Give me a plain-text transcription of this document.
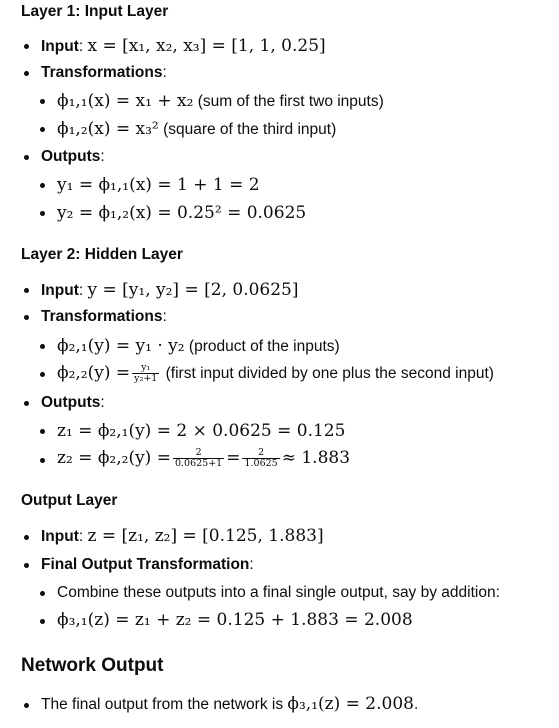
Layer 1: Input Layer
Input: x = [x₁, x₂, x₃] = [1, 1, 0.25]
Transformations:
ϕ₁,₁(x) = x₁ + x₂ (sum of the first two inputs)
ϕ₁,₂(x) = x₃² (square of the third input)
Outputs:
y₁ = ϕ₁,₁(x) = 1 + 1 = 2
y₂ = ϕ₁,₂(x) = 0.25² = 0.0625
Layer 2: Hidden Layer
Input: y = [y₁, y₂] = [2, 0.0625]
Transformations:
ϕ₂,₁(y) = y₁ · y₂ (product of the inputs)
$\phi_2,_2(y) = \frac{\text{y₁}}{\text{y₂+1}}$ (first input divided by one plus the second input)
Outputs:
z₁ = ϕ₂,₁(y) = 2 × 0.0625 = 0.125
$z_2 = \phi_2,_2(y) = \frac{2}{0.0625+1} = \frac{2}{1.0625} \approx 1.883$
Output Layer
Input: z = [z₁, z₂] = [0.125, 1.883]
Final Output Transformation:
Combine these outputs into a final single output, say by addition:
ϕ₃,₁(z) = z₁ + z₂ = 0.125 + 1.883 = 2.008
Network Output
The final output from the network is ϕ₃,₁(z) = 2.008.
